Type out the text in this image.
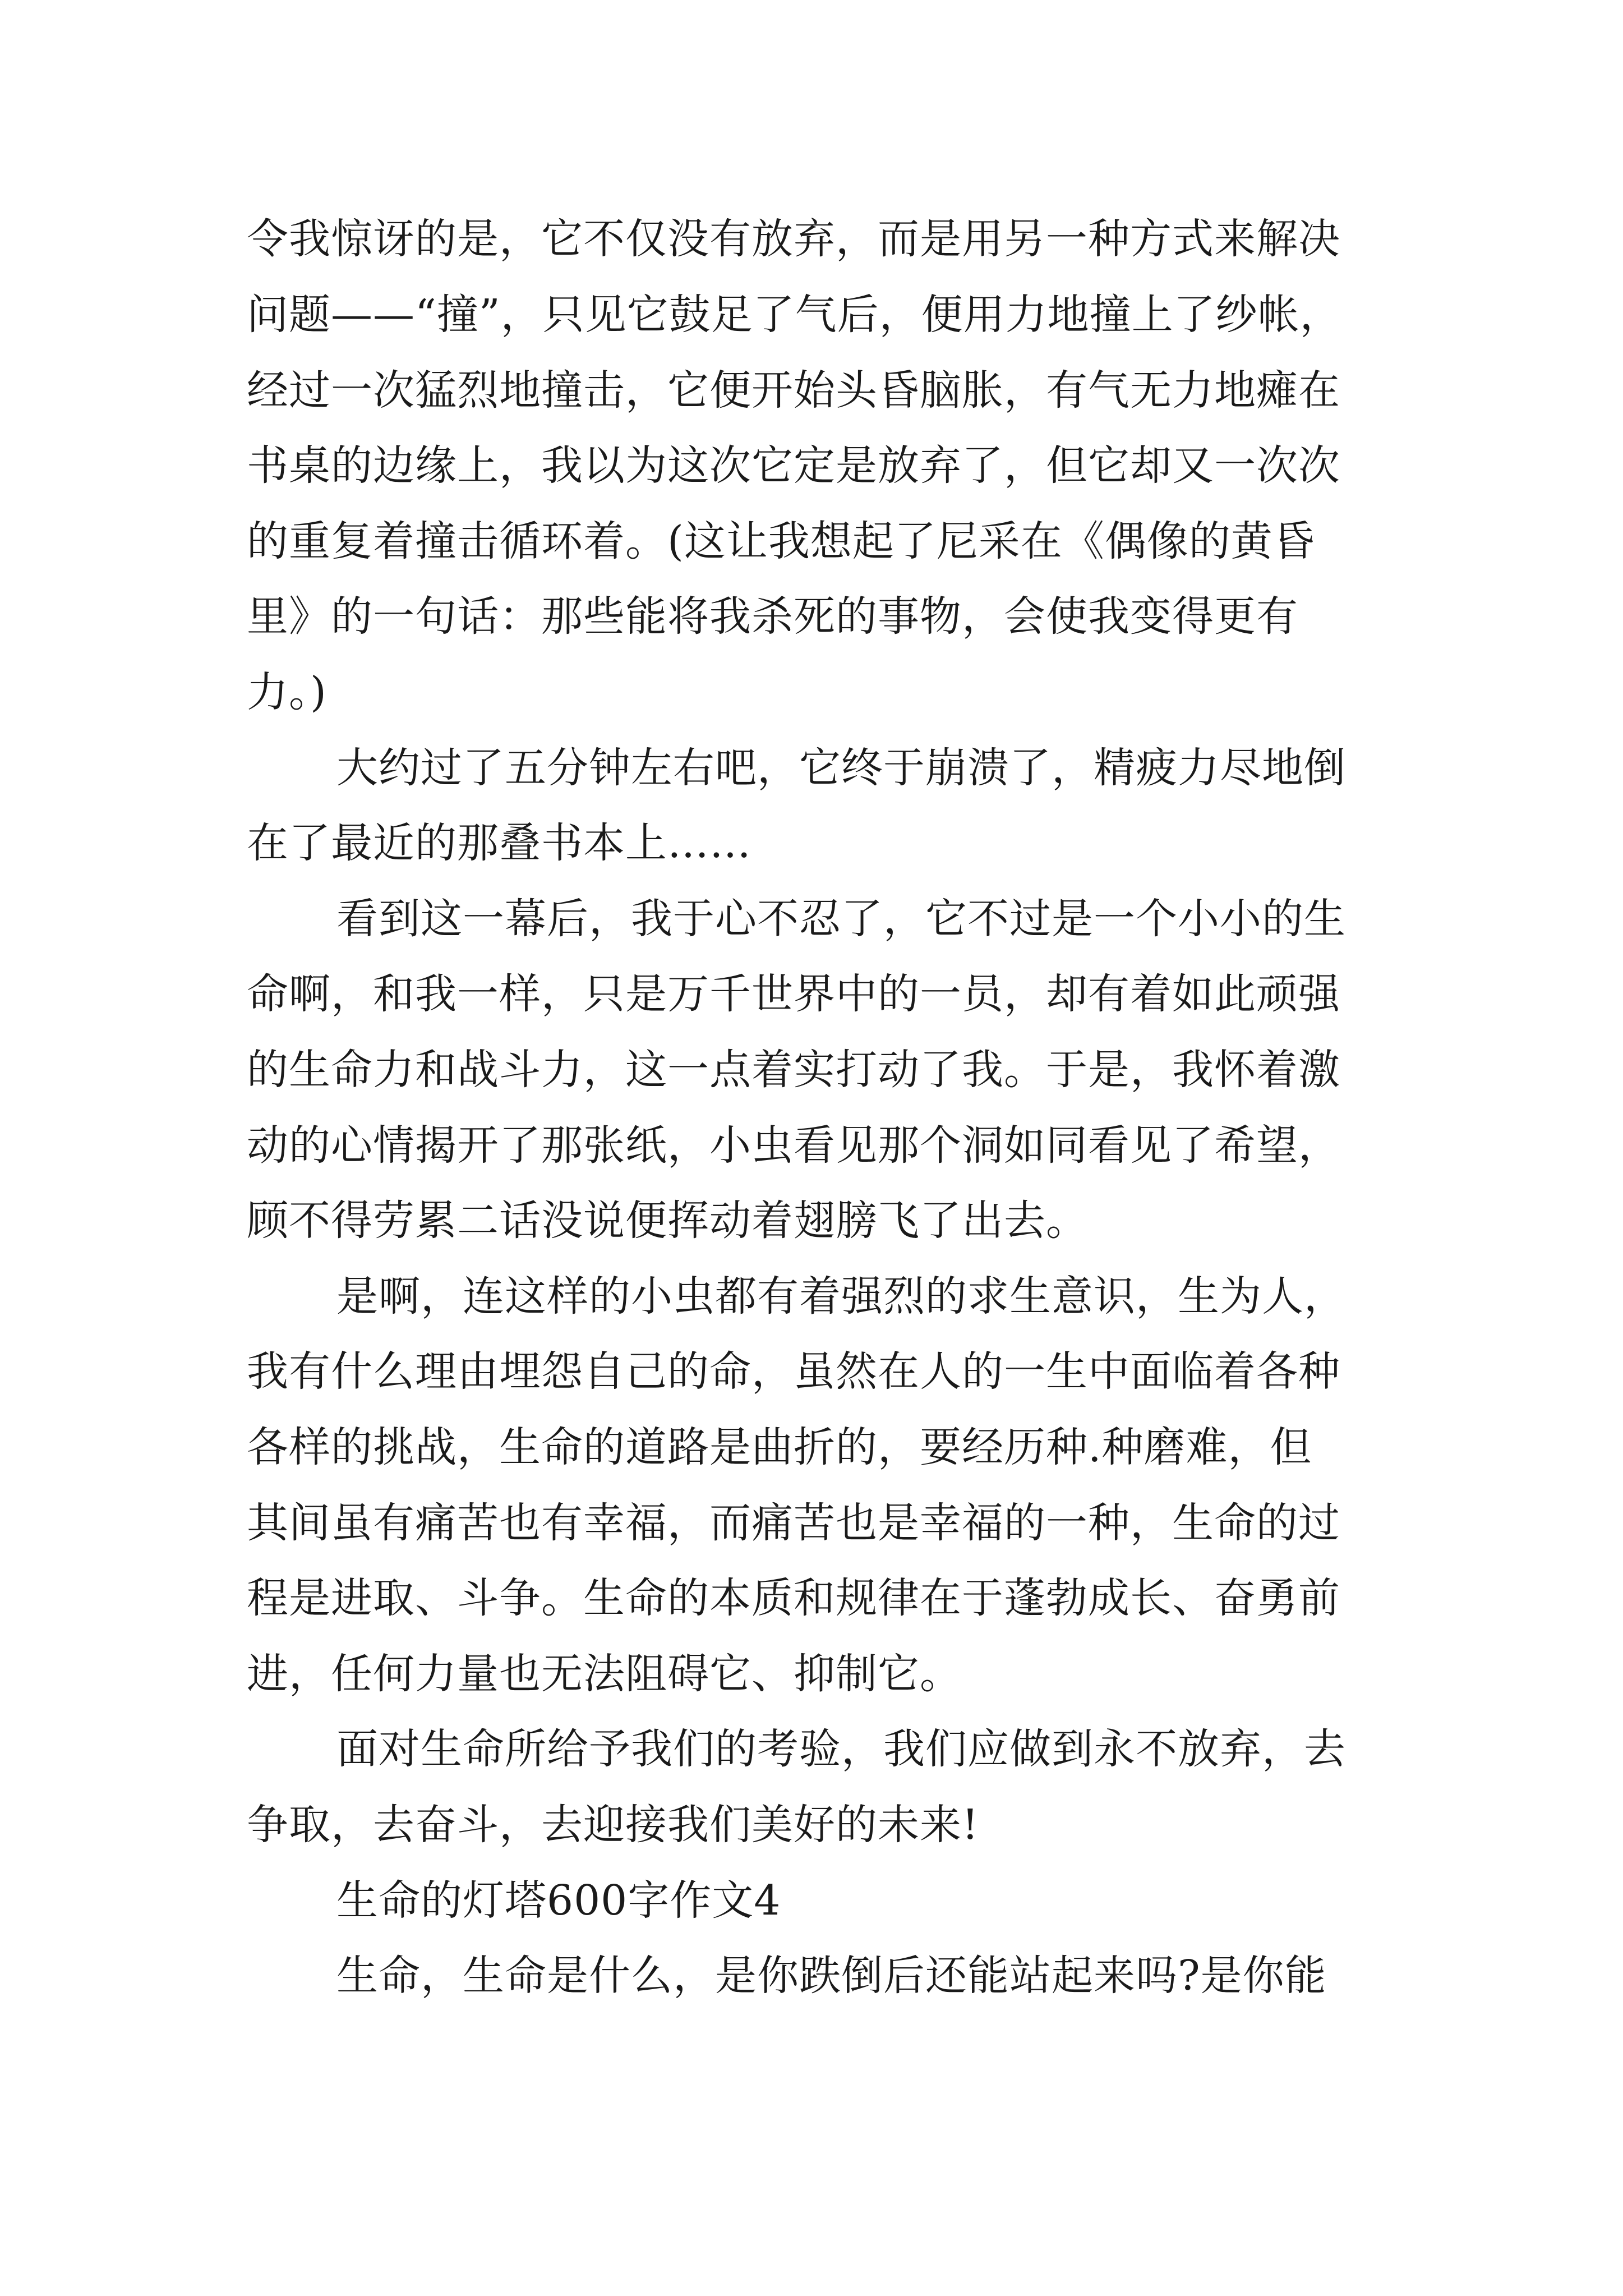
令我惊讶的是，它不仅没有放弃，而是用另一种方式来解决
问题——“撞”，只见它鼓足了气后，便用力地撞上了纱帐，
经过一次猛烈地撞击，它便开始头昏脑胀，有气无力地瘫在
书桌的边缘上，我以为这次它定是放弃了，但它却又一次次
的重复着撞击循环着。(这让我想起了尼采在《偶像的黄昏
里》的一句话：那些能将我杀死的事物，会使我变得更有
力。)
大约过了五分钟左右吧，它终于崩溃了，精疲力尽地倒
在了最近的那叠书本上……
看到这一幕后，我于心不忍了，它不过是一个小小的生
命啊，和我一样，只是万千世界中的一员，却有着如此顽强
的生命力和战斗力，这一点着实打动了我。于是，我怀着激
动的心情揭开了那张纸，小虫看见那个洞如同看见了希望，
顾不得劳累二话没说便挥动着翅膀飞了出去。
是啊，连这样的小虫都有着强烈的求生意识，生为人，
我有什么理由埋怨自己的命，虽然在人的一生中面临着各种
各样的挑战，生命的道路是曲折的，要经历种.种磨难，但
其间虽有痛苦也有幸福，而痛苦也是幸福的一种，生命的过
程是进取、斗争。生命的本质和规律在于蓬勃成长、奋勇前
进，任何力量也无法阻碍它、抑制它。
面对生命所给予我们的考验，我们应做到永不放弃，去
争取，去奋斗，去迎接我们美好的未来!
生命的灯塔600字作文4
生命，生命是什么，是你跌倒后还能站起来吗?是你能
